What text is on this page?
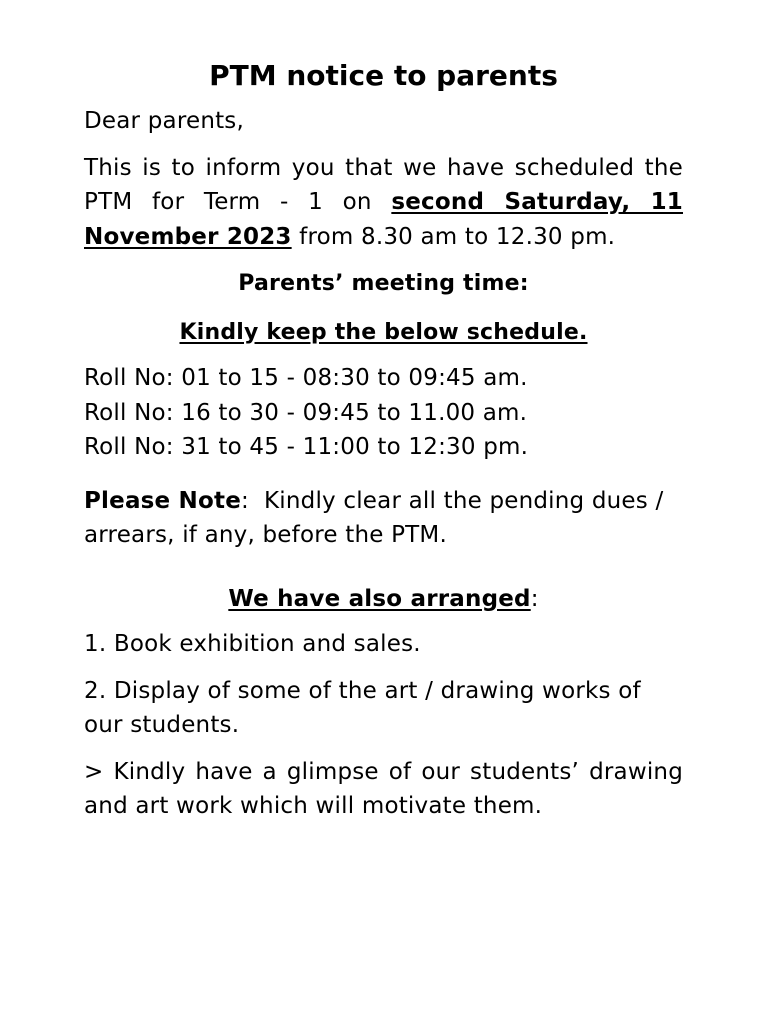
PTM notice to parents

Dear parents,

This is to inform you that we have scheduled the PTM for Term - 1 on second Saturday, 11 November 2023 from 8.30 am to 12.30 pm.

Parents’ meeting time:

Kindly keep the below schedule.

Roll No: 01 to 15 - 08:30 to 09:45 am.

Roll No: 16 to 30 - 09:45 to 11.00 am.

Roll No: 31 to 45 - 11:00 to 12:30 pm.

Please Note: Kindly clear all the pending dues / arrears, if any, before the PTM.

We have also arranged:

1. Book exhibition and sales.

2. Display of some of the art / drawing works of our students.

> Kindly have a glimpse of our students’ drawing and art work which will motivate them.
